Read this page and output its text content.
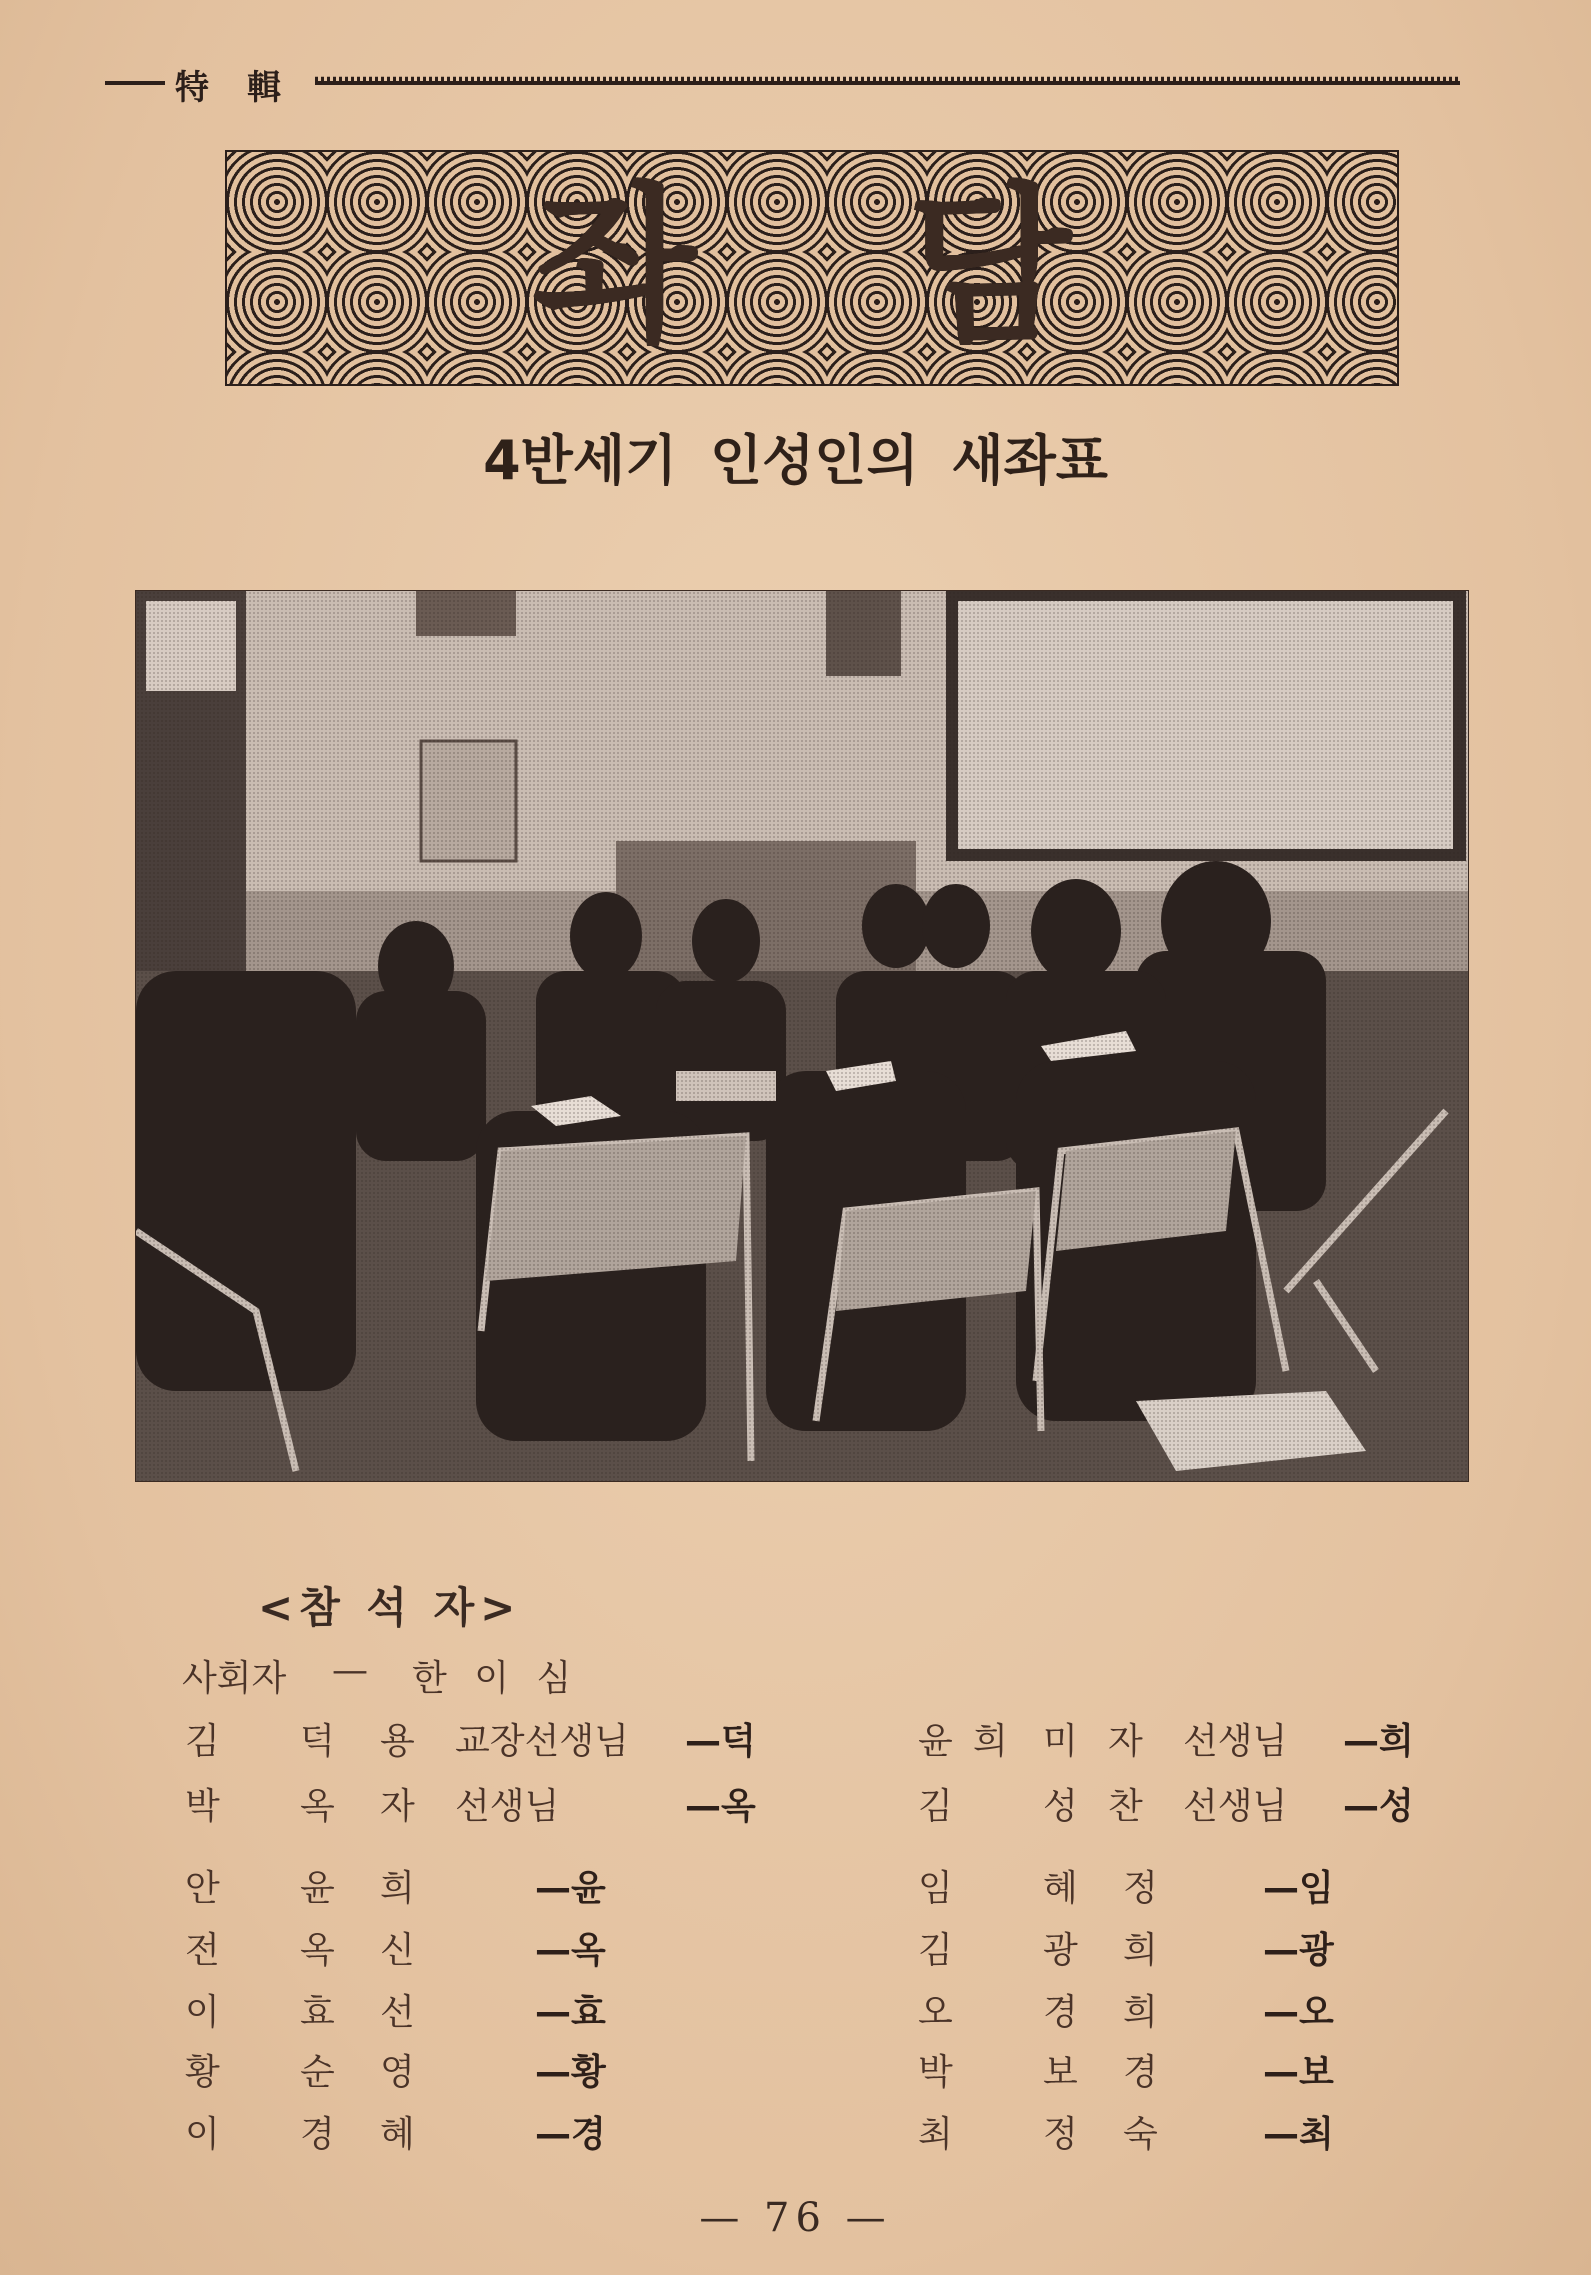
特　輯
좌 담
4반세기 인성인의 새좌표
<참 석 자>
사회자 — 한 이 심
김 덕 용 교장선생님 —덕
박 옥 자 선생님	—옥
윤 희 미 자 선생님 —희
김	성 찬 선생님 —성
안 윤 희	—윤
전 옥 신	—옥
이 효 선	—효
황 순 영	—황
이 경 혜	—경
임	혜 정	—임
김	광 희	—광
오	경 희	—오
박	보 경	—보
최	정 숙	—최
— 76 —
